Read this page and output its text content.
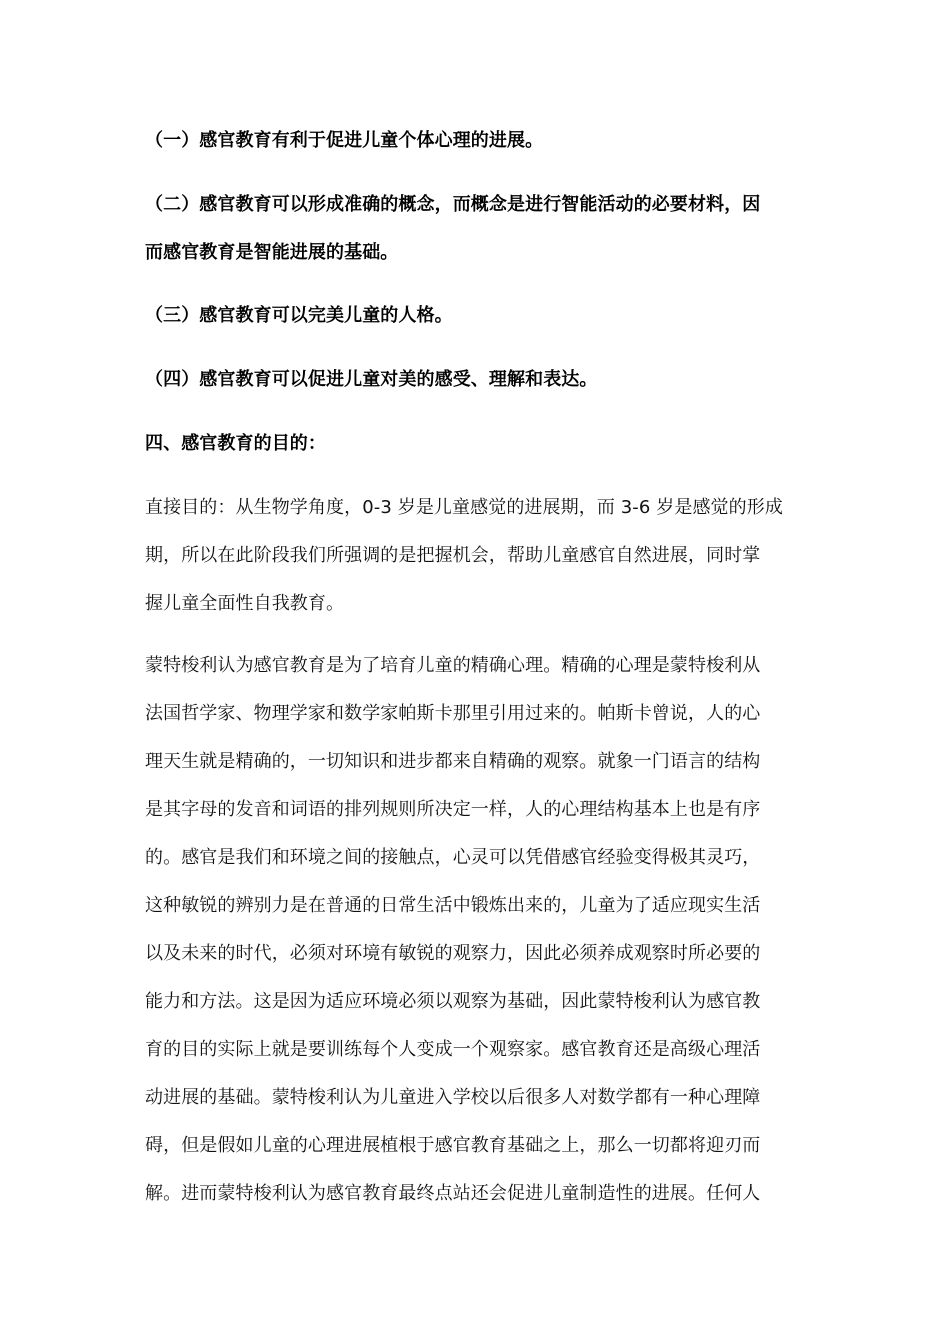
（一）感官教育有利于促进儿童个体心理的进展。

（二）感官教育可以形成准确的概念，而概念是进行智能活动的必要材料，因
而感官教育是智能进展的基础。

（三）感官教育可以完美儿童的人格。

（四）感官教育可以促进儿童对美的感受、理解和表达。

四、感官教育的目的：

直接目的：从生物学角度，0-3 岁是儿童感觉的进展期，而 3-6 岁是感觉的形成
期，所以在此阶段我们所强调的是把握机会，帮助儿童感官自然进展，同时掌
握儿童全面性自我教育。

蒙特梭利认为感官教育是为了培育儿童的精确心理。精确的心理是蒙特梭利从
法国哲学家、物理学家和数学家帕斯卡那里引用过来的。帕斯卡曾说，人的心
理天生就是精确的，一切知识和进步都来自精确的观察。就象一门语言的结构
是其字母的发音和词语的排列规则所决定一样，人的心理结构基本上也是有序
的。感官是我们和环境之间的接触点，心灵可以凭借感官经验变得极其灵巧，
这种敏锐的辨别力是在普通的日常生活中锻炼出来的，儿童为了适应现实生活
以及未来的时代，必须对环境有敏锐的观察力，因此必须养成观察时所必要的
能力和方法。这是因为适应环境必须以观察为基础，因此蒙特梭利认为感官教
育的目的实际上就是要训练每个人变成一个观察家。感官教育还是高级心理活
动进展的基础。蒙特梭利认为儿童进入学校以后很多人对数学都有一种心理障
碍，但是假如儿童的心理进展植根于感官教育基础之上，那么一切都将迎刃而
解。进而蒙特梭利认为感官教育最终点站还会促进儿童制造性的进展。任何人
